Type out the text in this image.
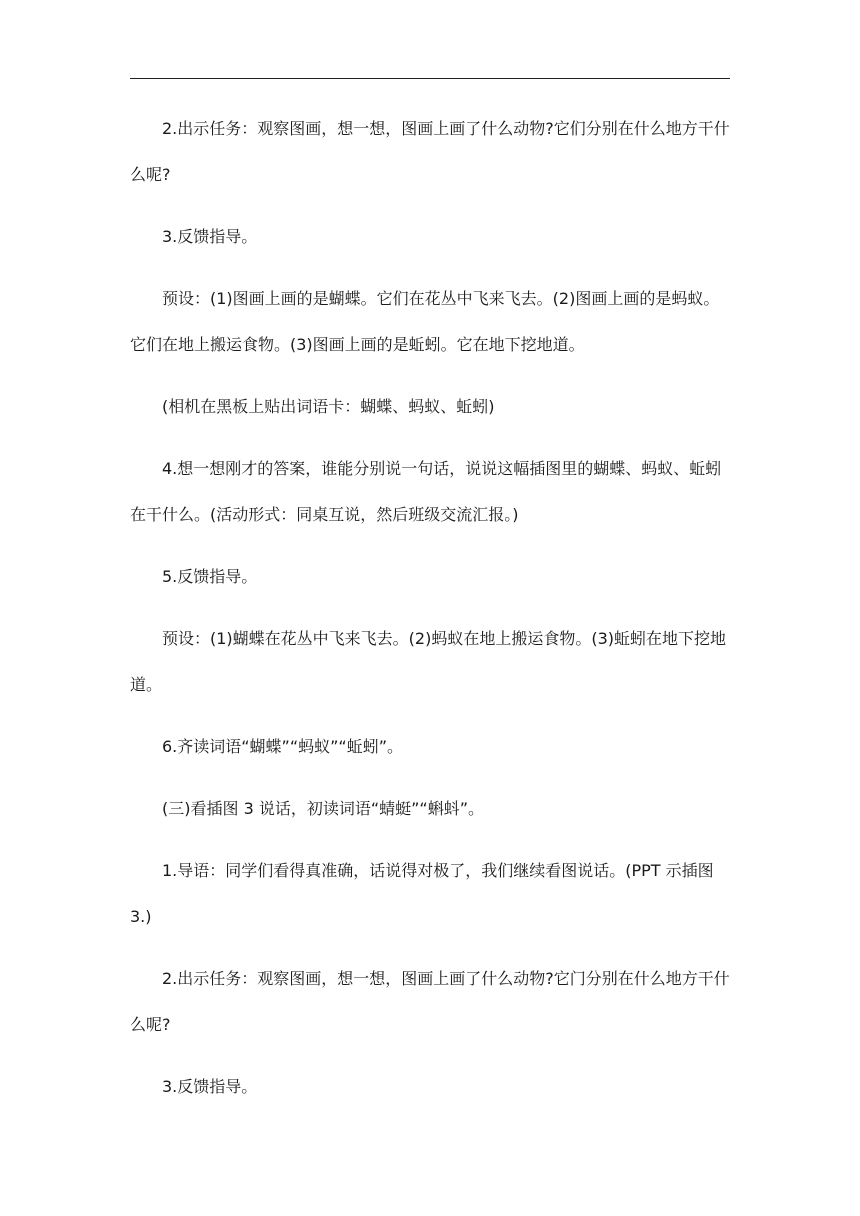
2.出示任务：观察图画，想一想，图画上画了什么动物?它们分别在什么地方干什么呢?

3.反馈指导。

预设：(1)图画上画的是蝴蝶。它们在花丛中飞来飞去。(2)图画上画的是蚂蚁。它们在地上搬运食物。(3)图画上画的是蚯蚓。它在地下挖地道。

(相机在黑板上贴出词语卡：蝴蝶、蚂蚁、蚯蚓)

4.想一想刚才的答案，谁能分别说一句话，说说这幅插图里的蝴蝶、蚂蚁、蚯蚓在干什么。(活动形式：同桌互说，然后班级交流汇报。)

5.反馈指导。

预设：(1)蝴蝶在花丛中飞来飞去。(2)蚂蚁在地上搬运食物。(3)蚯蚓在地下挖地道。

6.齐读词语“蝴蝶”“蚂蚁”“蚯蚓”。

(三)看插图 3 说话，初读词语“蜻蜓”“蝌蚪”。

1.导语：同学们看得真准确，话说得对极了，我们继续看图说话。(PPT 示插图 3.)

2.出示任务：观察图画，想一想，图画上画了什么动物?它门分别在什么地方干什么呢?

3.反馈指导。
